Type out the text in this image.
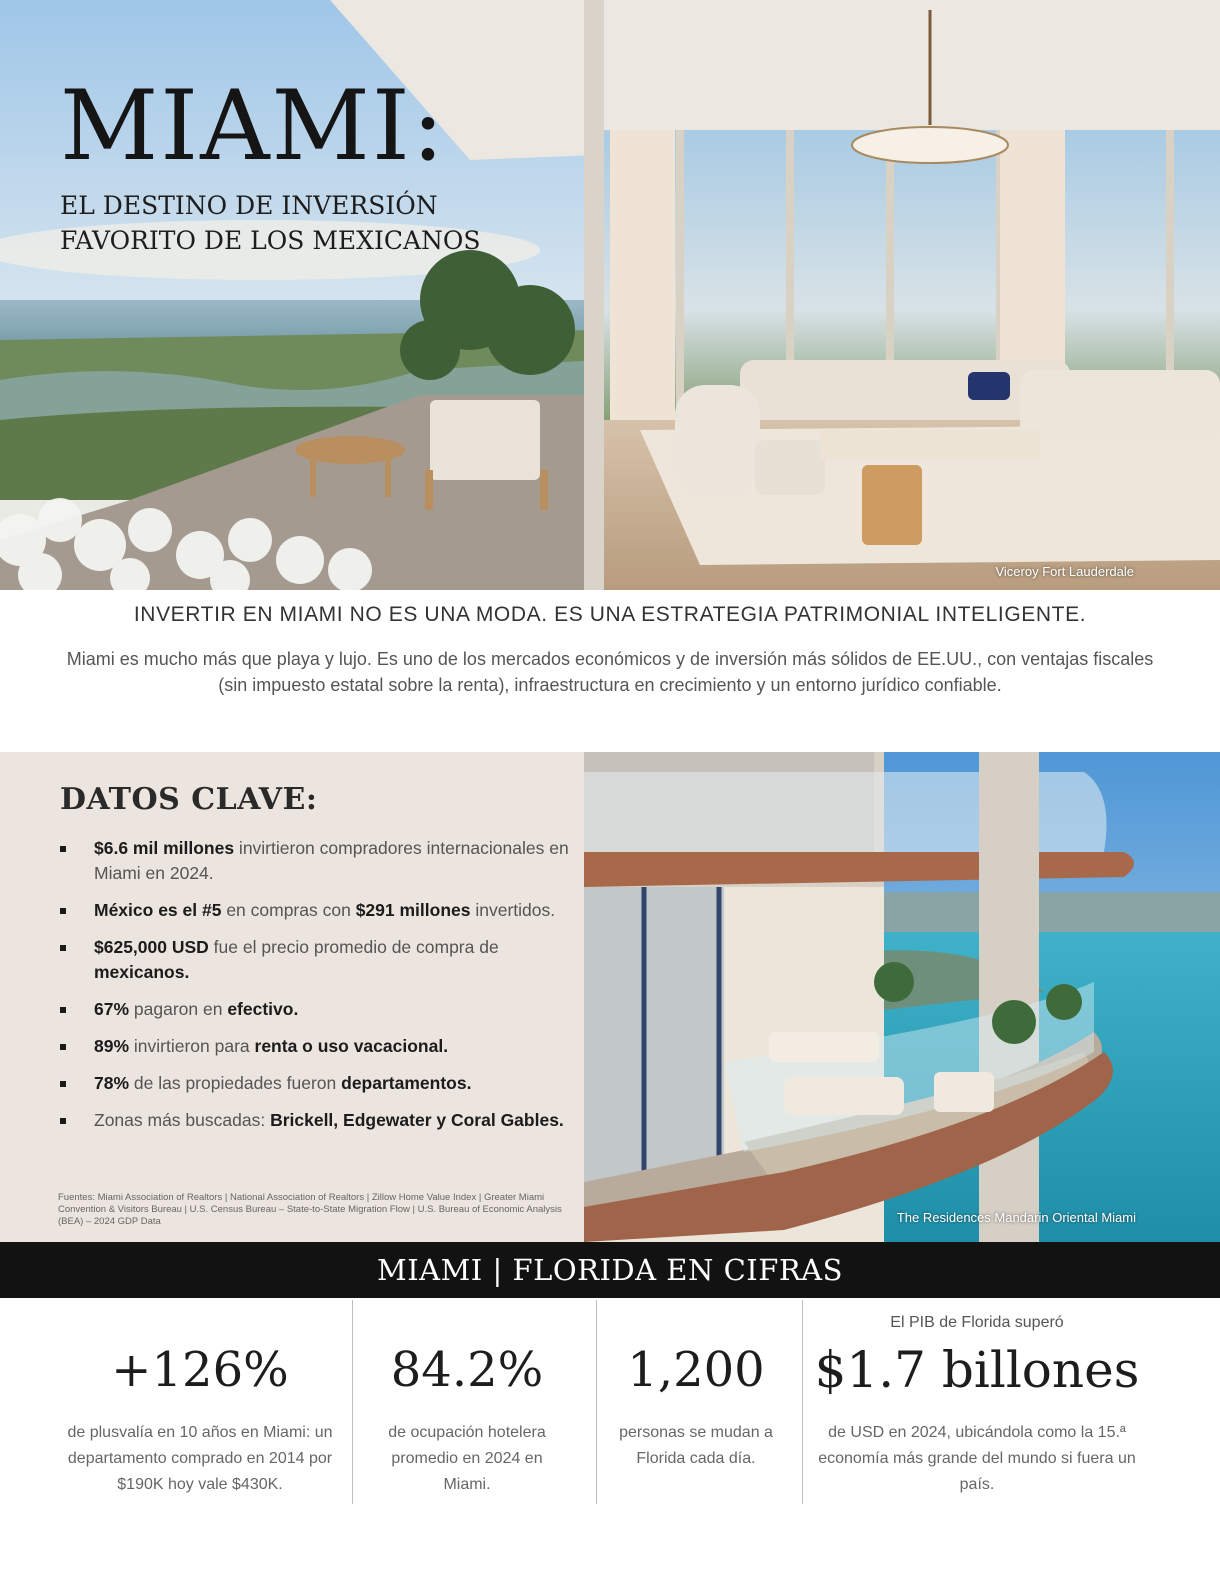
MIAMI:
EL DESTINO DE INVERSIÓN
FAVORITO DE LOS MEXICANOS
Viceroy Fort Lauderdale
INVERTIR EN MIAMI NO ES UNA MODA. ES UNA ESTRATEGIA PATRIMONIAL INTELIGENTE.

Miami es mucho más que playa y lujo. Es uno de los mercados económicos y de inversión más sólidos de EE.UU., con ventajas fiscales (sin impuesto estatal sobre la renta), infraestructura en crecimiento y un entorno jurídico confiable.

DATOS CLAVE:
$6.6 mil millones invirtieron compradores internacionales en Miami en 2024.
México es el #5 en compras con $291 millones invertidos.
$625,000 USD fue el precio promedio de compra de mexicanos.
67% pagaron en efectivo.
89% invirtieron para renta o uso vacacional.
78% de las propiedades fueron departamentos.
Zonas más buscadas: Brickell, Edgewater y Coral Gables.
Fuentes: Miami Association of Realtors | National Association of Realtors | Zillow Home Value Index | Greater Miami Convention & Visitors Bureau | U.S. Census Bureau – State-to-State Migration Flow | U.S. Bureau of Economic Analysis (BEA) – 2024 GDP Data	The Residences Mandarin Oriental Miami
MIAMI | FLORIDA EN CIFRAS
+126%
de plusvalía en 10 años en Miami: un departamento comprado en 2014 por $190K hoy vale $430K.
84.2%
de ocupación hotelera promedio en 2024 en Miami.
1,200
personas se mudan a Florida cada día.
El PIB de Florida superó
$1.7 billones
de USD en 2024, ubicándola como la 15.ª economía más grande del mundo si fuera un país.
